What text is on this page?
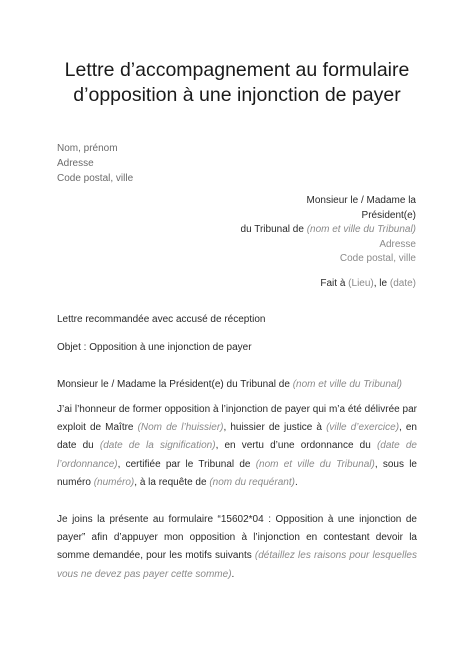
Lettre d’accompagnement au formulaire
d’opposition à une injonction de payer
Nom, prénom
Adresse
Code postal, ville
Monsieur le / Madame la
Président(e)
du Tribunal de (nom et ville du Tribunal)
Adresse
Code postal, ville
Fait à (Lieu), le (date)
Lettre recommandée avec accusé de réception
Objet : Opposition à une injonction de payer
Monsieur le / Madame la Président(e) du Tribunal de (nom et ville du Tribunal)

J’ai l’honneur de former opposition à l’injonction de payer qui m’a été délivrée par exploit de Maître (Nom de l’huissier), huissier de justice à (ville d’exercice), en date du (date de la signification), en vertu d’une ordonnance du (date de l’ordonnance), certifiée par le Tribunal de (nom et ville du Tribunal), sous le numéro (numéro), à la requête de (nom du requérant).

Je joins la présente au formulaire “15602*04 : Opposition à une injonction de payer” afin d’appuyer mon opposition à l’injonction en contestant devoir la somme demandée, pour les motifs suivants (détaillez les raisons pour lesquelles vous ne devez pas payer cette somme).
